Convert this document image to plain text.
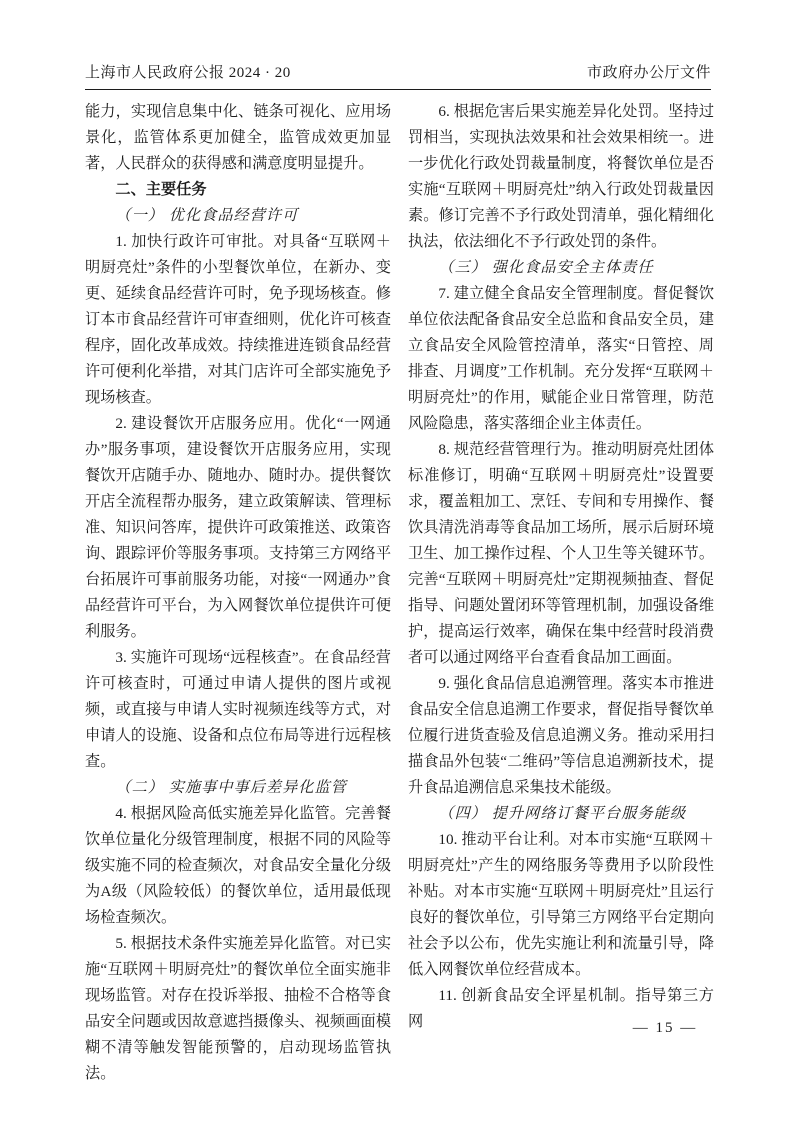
上海市人民政府公报 2024 · 20	市政府办公厅文件

能力，实现信息集中化、链条可视化、应用场景化，监管体系更加健全，监管成效更加显著，人民群众的获得感和满意度明显提升。

二、主要任务

（一） 优化食品经营许可

1. 加快行政许可审批。对具备“互联网＋明厨亮灶”条件的小型餐饮单位，在新办、变更、延续食品经营许可时，免予现场核查。修订本市食品经营许可审查细则，优化许可核查程序，固化改革成效。持续推进连锁食品经营许可便利化举措，对其门店许可全部实施免予现场核查。

2. 建设餐饮开店服务应用。优化“一网通办”服务事项，建设餐饮开店服务应用，实现餐饮开店随手办、随地办、随时办。提供餐饮开店全流程帮办服务，建立政策解读、管理标准、知识问答库，提供许可政策推送、政策咨询、跟踪评价等服务事项。支持第三方网络平台拓展许可事前服务功能，对接“一网通办”食品经营许可平台，为入网餐饮单位提供许可便利服务。

3. 实施许可现场“远程核查”。在食品经营许可核查时，可通过申请人提供的图片或视频，或直接与申请人实时视频连线等方式，对申请人的设施、设备和点位布局等进行远程核查。

（二） 实施事中事后差异化监管

4. 根据风险高低实施差异化监管。完善餐饮单位量化分级管理制度，根据不同的风险等级实施不同的检查频次，对食品安全量化分级为A级（风险较低）的餐饮单位，适用最低现场检查频次。

5. 根据技术条件实施差异化监管。对已实施“互联网＋明厨亮灶”的餐饮单位全面实施非现场监管。对存在投诉举报、抽检不合格等食品安全问题或因故意遮挡摄像头、视频画面模糊不清等触发智能预警的，启动现场监管执法。

6. 根据危害后果实施差异化处罚。坚持过罚相当，实现执法效果和社会效果相统一。进一步优化行政处罚裁量制度，将餐饮单位是否实施“互联网＋明厨亮灶”纳入行政处罚裁量因素。修订完善不予行政处罚清单，强化精细化执法，依法细化不予行政处罚的条件。

（三） 强化食品安全主体责任

7. 建立健全食品安全管理制度。督促餐饮单位依法配备食品安全总监和食品安全员，建立食品安全风险管控清单，落实“日管控、周排查、月调度”工作机制。充分发挥“互联网＋明厨亮灶”的作用，赋能企业日常管理，防范风险隐患，落实落细企业主体责任。

8. 规范经营管理行为。推动明厨亮灶团体标准修订，明确“互联网＋明厨亮灶”设置要求，覆盖粗加工、烹饪、专间和专用操作、餐饮具清洗消毒等食品加工场所，展示后厨环境卫生、加工操作过程、个人卫生等关键环节。完善“互联网＋明厨亮灶”定期视频抽查、督促指导、问题处置闭环等管理机制，加强设备维护，提高运行效率，确保在集中经营时段消费者可以通过网络平台查看食品加工画面。

9. 强化食品信息追溯管理。落实本市推进食品安全信息追溯工作要求，督促指导餐饮单位履行进货查验及信息追溯义务。推动采用扫描食品外包装“二维码”等信息追溯新技术，提升食品追溯信息采集技术能级。

（四） 提升网络订餐平台服务能级

10. 推动平台让利。对本市实施“互联网＋明厨亮灶”产生的网络服务等费用予以阶段性补贴。对本市实施“互联网＋明厨亮灶”且运行良好的餐饮单位，引导第三方网络平台定期向社会予以公布，优先实施让利和流量引导，降低入网餐饮单位经营成本。

11. 创新食品安全评星机制。指导第三方网	— 15 —
